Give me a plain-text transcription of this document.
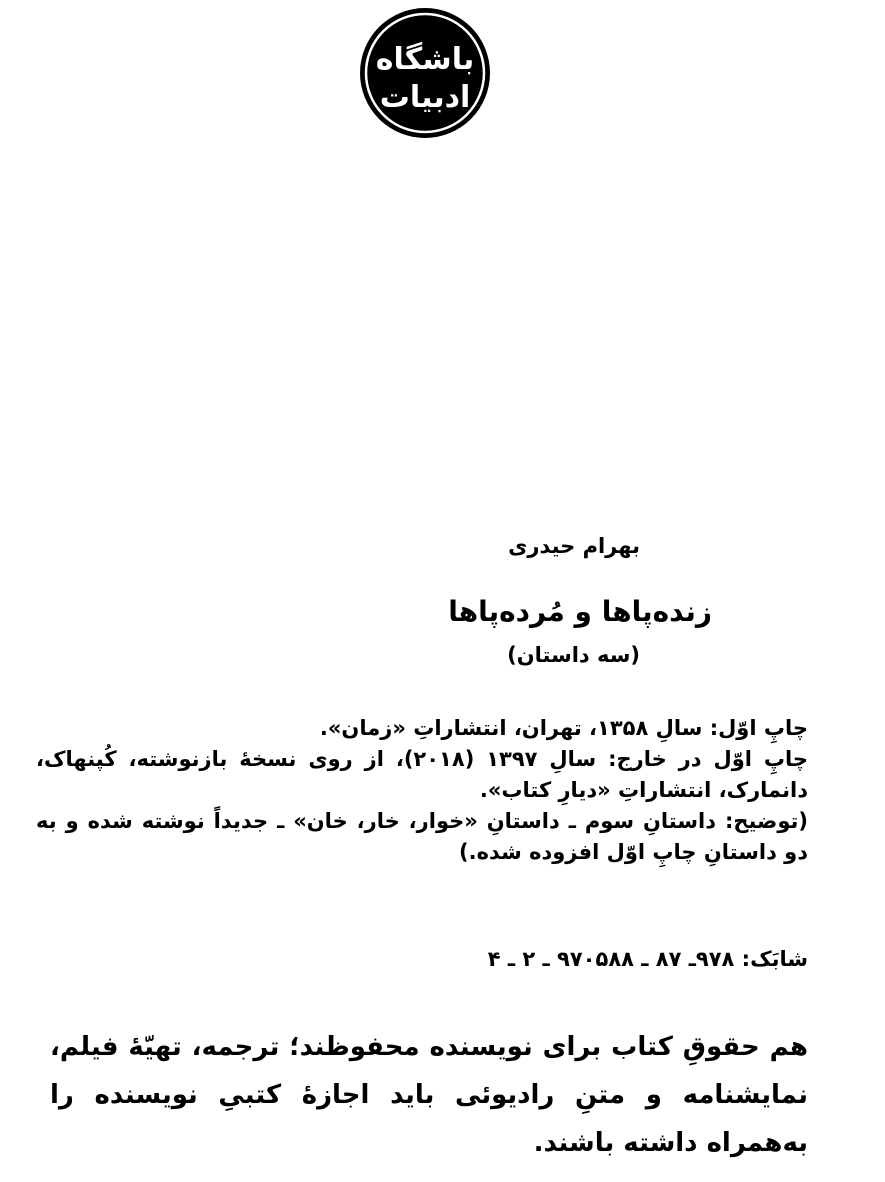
باشگاه
ادبیات
بهرام حیدری
زنده‌پاها و مُرده‌پاها
(سه داستان)

چاپِ اوّل: سالِ ۱۳۵۸، تهران، انتشاراتِ «زمان».

چاپِ اوّل در خارج: سالِ ۱۳۹۷ (۲۰۱۸)، از روی نسخهٔ بازنوشته، کُپنهاک، دانمارک، انتشاراتِ «دیارِ کتاب».

(توضیح: داستانِ سوم ـ داستانِ «خوار، خار، خان» ـ جدیداً نوشته شده و به دو داستانِ چاپِ اوّل افزوده شده.)

شابَک: ۹۷۸ـ ۸۷ ـ ۹۷۰۵۸۸ ـ ۲ ـ ۴

هم حقوقِ کتاب برای نویسنده محفوظند؛ ترجمه، تهیّهٔ فیلم، نمایشنامه و متنِ رادیوئی باید اجازهٔ کتبیِ نویسنده را به‌همراه داشته باشند.
